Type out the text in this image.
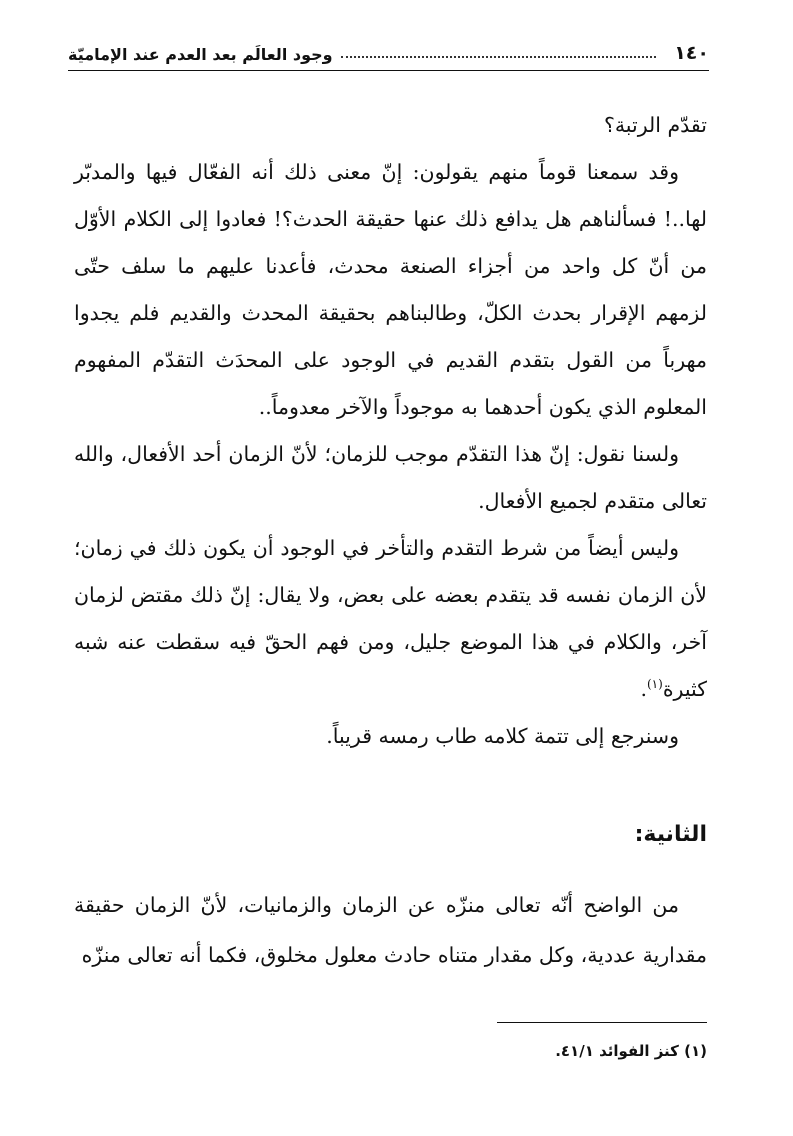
١٤٠
وجود العالَم بعد العدم عند الإماميّة

تقدّم الرتبة؟

وقد سمعنا قوماً منهم يقولون: إنّ معنى ذلك أنه الفعّال فيها والمدبّر لها..! فسألناهم هل يدافع ذلك عنها حقيقة الحدث؟! فعادوا إلى الكلام الأوّل من أنّ كل واحد من أجزاء الصنعة محدث، فأعدنا عليهم ما سلف حتّى لزمهم الإقرار بحدث الكلّ، وطالبناهم بحقيقة المحدث والقديم فلم يجدوا مهرباً من القول بتقدم القديم في الوجود على المحدَث التقدّم المفهوم المعلوم الذي يكون أحدهما به موجوداً والآخر معدوماً..

ولسنا نقول: إنّ هذا التقدّم موجب للزمان؛ لأنّ الزمان أحد الأفعال، والله تعالى متقدم لجميع الأفعال.

وليس أيضاً من شرط التقدم والتأخر في الوجود أن يكون ذلك في زمان؛ لأن الزمان نفسه قد يتقدم بعضه على بعض، ولا يقال: إنّ ذلك مقتض لزمان آخر، والكلام في هذا الموضع جليل، ومن فهم الحقّ فيه سقطت عنه شبه كثيرة$^{(١)}$.

وسنرجع إلى تتمة كلامه طاب رمسه قريباً.

الثانية:

من الواضح أنّه تعالى منزّه عن الزمان والزمانيات، لأنّ الزمان حقيقة مقدارية عددية، وكل مقدار متناه حادث معلول مخلوق، فكما أنه تعالى منزّه

(١) كنز الفوائد ٤١/١.
